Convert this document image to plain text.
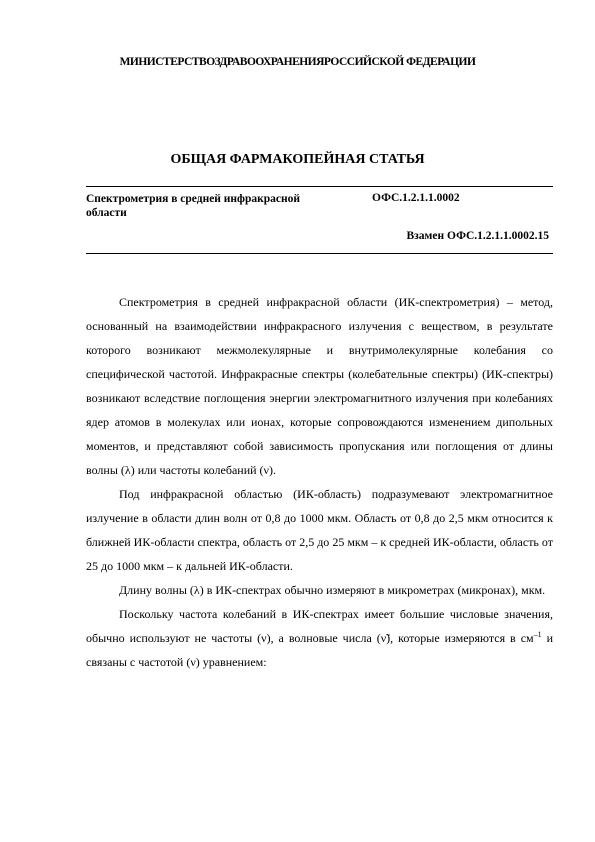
МИНИСТЕРСТВОЗДРАВООХРАНЕНИЯРОССИЙСКОЙ ФЕДЕРАЦИИ
ОБЩАЯ ФАРМАКОПЕЙНАЯ СТАТЬЯ
Спектрометрия в средней инфракрасной
области
ОФС.1.2.1.1.0002
Взамен ОФС.1.2.1.1.0002.15

Спектрометрия в средней инфракрасной области (ИК-спектрометрия) – метод, основанный на взаимодействии инфракрасного излучения с веществом, в результате которого возникают межмолекулярные и внутримолекулярные колебания со специфической частотой. Инфракрасные спектры (колебательные спектры) (ИК-спектры) возникают вследствие поглощения энергии электромагнитного излучения при колебаниях ядер атомов в молекулах или ионах, которые сопровождаются изменением дипольных моментов, и представляют собой зависимость пропускания или поглощения от длины волны (λ) или частоты колебаний (ν).

Под инфракрасной областью (ИК-область) подразумевают электромагнитное излучение в области длин волн от 0,8 до 1000 мкм. Область от 0,8 до 2,5 мкм относится к ближней ИК-области спектра, область от 2,5 до 25 мкм – к средней ИК-области, область от 25 до 1000 мкм – к дальней ИК-области.

Длину волны (λ) в ИК-спектрах обычно измеряют в микрометрах (микронах), мкм.

Поскольку частота колебаний в ИК-спектрах имеет большие числовые значения, обычно используют не частоты (ν), а волновые числа (ν̃), которые измеряются в $см^{-1}$ и связаны с частотой (ν) уравнением:
